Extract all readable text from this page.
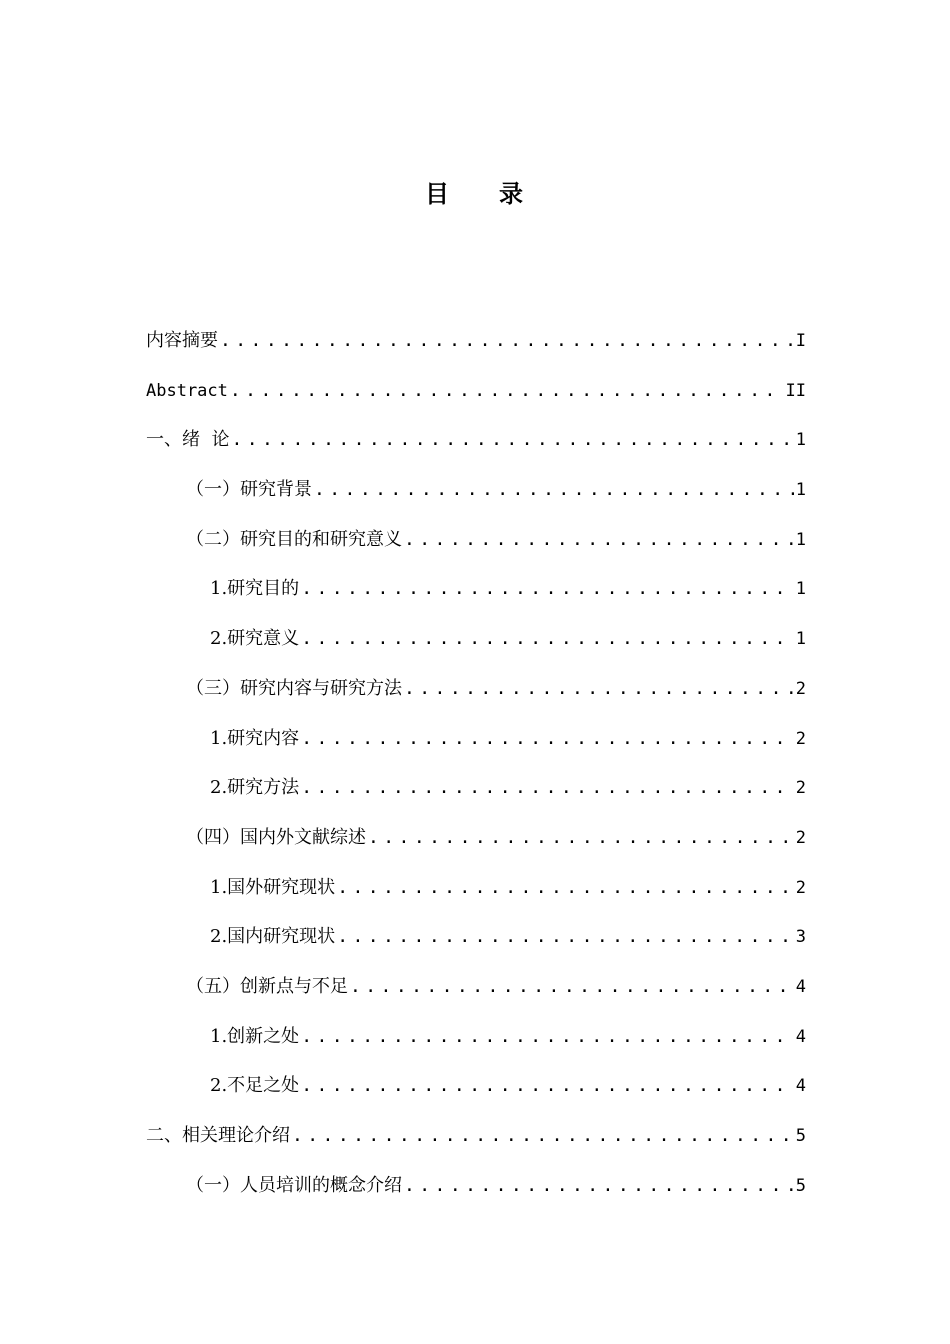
目 录
内容摘要 . . .	I
Abstract . . .	II
一、绪  论 . . .	1
（一）研究背景 . . .	1
（二）研究目的和研究意义 . . .	1
1.研究目的 . . .	1
2.研究意义 . . .	1
（三）研究内容与研究方法 . . .	2
1.研究内容 . . .	2
2.研究方法 . . .	2
（四）国内外文献综述 . . .	2
1.国外研究现状 . . .	2
2.国内研究现状 . . .	3
（五）创新点与不足 . . .	4
1.创新之处 . . .	4
2.不足之处 . . .	4
二、相关理论介绍 . . .	5
（一）人员培训的概念介绍 . . .	5
